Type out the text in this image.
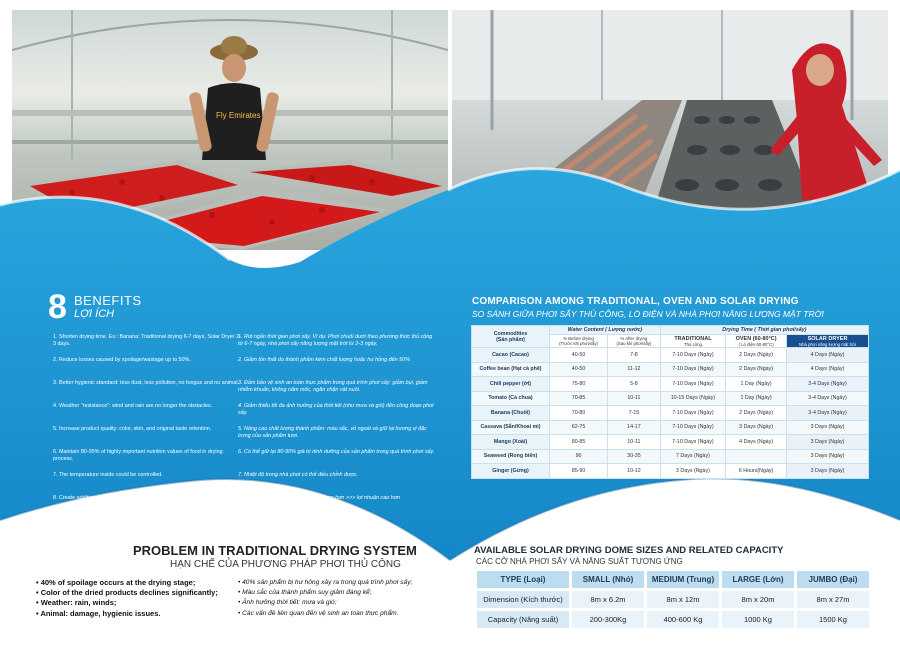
Fly Emirates
8 BENEFITS
LỢI ÍCH
1. Shorten drying time. Ex.: Banana: Traditional drying 6-7 days, Solar Dryer 2-3 days.
2. Reduce losses caused by spoilage/wastage up to 50%.
3. Better hygienic standard: less dust, less pollution, no fungus and no animal.
4. Weather "resistance": wind and rain are no longer the obstacles.
5. Increase product quality: color, skin, and original taste retention.
6. Maintain 80-95% of highly important nutrition values of food in drying process.
7. The temperature inside could be controlled.
8. Create additional value. Higher quality >>> higher margin.
1. Rút ngắn thời gian phơi sấy. Ví dụ: Phơi chuối dưới theo phương thức thủ công từ 6-7 ngày, nhà phơi sấy năng lượng mặt trời từ 2-3 ngày.
2. Giảm tồn thất do thành phẩm kém chất lượng hoặc hư hỏng đến 50%
3. Đảm bảo vệ sinh an toàn thực phẩm trong quá trình phơi sấy: giảm bụi, giảm nhiễm khuẩn, không nấm mốc, ngăn chặn vật nuôi.
4. Giảm thiểu tối đa ảnh hưởng của thời tiết (như mưa và gió) đến công đoạn phơi sấy.
5. Nâng cao chất lượng thành phẩm: màu sắc, vỏ ngoài và giữ lại hương vị đặc trưng của sản phẩm tươi.
6. Có thể giữ lại 80-90% giá trị dinh dưỡng của sản phẩm trong quá trình phơi sấy.
7. Nhiệt độ trong nhà phơi có thể điều chỉnh được.
8. Tạo ra giá trị bổ sung: chất lượng cao hơn >>> lợi nhuận cao hơn
COMPARISON AMONG TRADITIONAL, OVEN AND SOLAR DRYING
SO SÁNH GIỮA PHƠI SẤY THỦ CÔNG, LÒ ĐIỆN VÀ NHÀ PHƠI NĂNG LƯỢNG MẶT TRỜI
Commodities
(Sản phẩm)	Water Content ( Lượng nước)		Drying Time ( Thời gian phơi/sấy)		
	% Before drying
(Trước khi phơi/sấy)	% After drying
(Sau khi phơi/sấy)	TRADITIONAL
Thủ công	OVEN (60-80°C)
( Lò điện 60-80°C)	SOLAR DRYER
Nhà phơi năng lượng mặt trời
Cacao (Cacao)	40-50	7-8	7-10 Days (Ngày)	2 Days (Ngày)	4 Days (Ngày)
Coffee bean (Hạt cà phê)	40-50	11-12	7-10 Days (Ngày)	2 Days (Ngày)	4 Days (Ngày)
Chili pepper (ớt)	75-80	5-8	7-10 Days (Ngày)	1 Day (Ngày)	3-4 Days (Ngày)
Tomato (Cà chua)	70-85	10-11	10-15 Days (Ngày)	1 Day (Ngày)	3-4 Days (Ngày)
Banana (Chuối)	70-80	7-15	7-10 Days (Ngày)	2 Days (Ngày)	3-4 Days (Ngày)
Cassava (Sắn/Khoai mì)	62-75	14-17	7-10 Days (Ngày)	3 Days (Ngày)	3 Days (Ngày)
Mango (Xoài)	80-85	10-11	7-10 Days (Ngày)	4 Days (Ngày)	3 Days (Ngày)
Seaweed (Rong biển)	90	30-35	7 Days (Ngày)		3 Days (Ngày)
Ginger (Gừng)	85-90	10-12	3 Days (Ngày)	6 Hours(Ngày)	3 Days (Ngày)
PROBLEM IN TRADITIONAL DRYING SYSTEM
HẠN CHẾ CỦA PHƯƠNG PHÁP PHƠI THỦ CÔNG
• 40% of spoilage occurs at the drying stage;
• Color of the dried products declines significantly;
• Weather: rain, winds;
• Animal: damage, hygienic issues.
• 40% sản phẩm bị hư hỏng xảy ra trong quá trình phơi sấy;
• Màu sắc của thành phẩm suy giảm đáng kể;
• Ảnh hưởng thời tiết: mưa và gió;
• Các vấn đề liên quan đến vệ sinh an toàn thực phẩm.
AVAILABLE SOLAR DRYING DOME SIZES AND RELATED CAPACITY
CÁC CỠ NHÀ PHƠI SẤY VÀ NĂNG SUẤT TƯƠNG ỨNG
TYPE (Loại)	SMALL (Nhỏ)	MEDIUM (Trung)	LARGE (Lớn)	JUMBO (Đại)
Dimension (Kích thước)	8m x 6.2m	8m x 12m	8m x 20m	8m x 27m
Capacity (Năng suất)	200-300Kg	400-600 Kg	1000 Kg	1500 Kg
